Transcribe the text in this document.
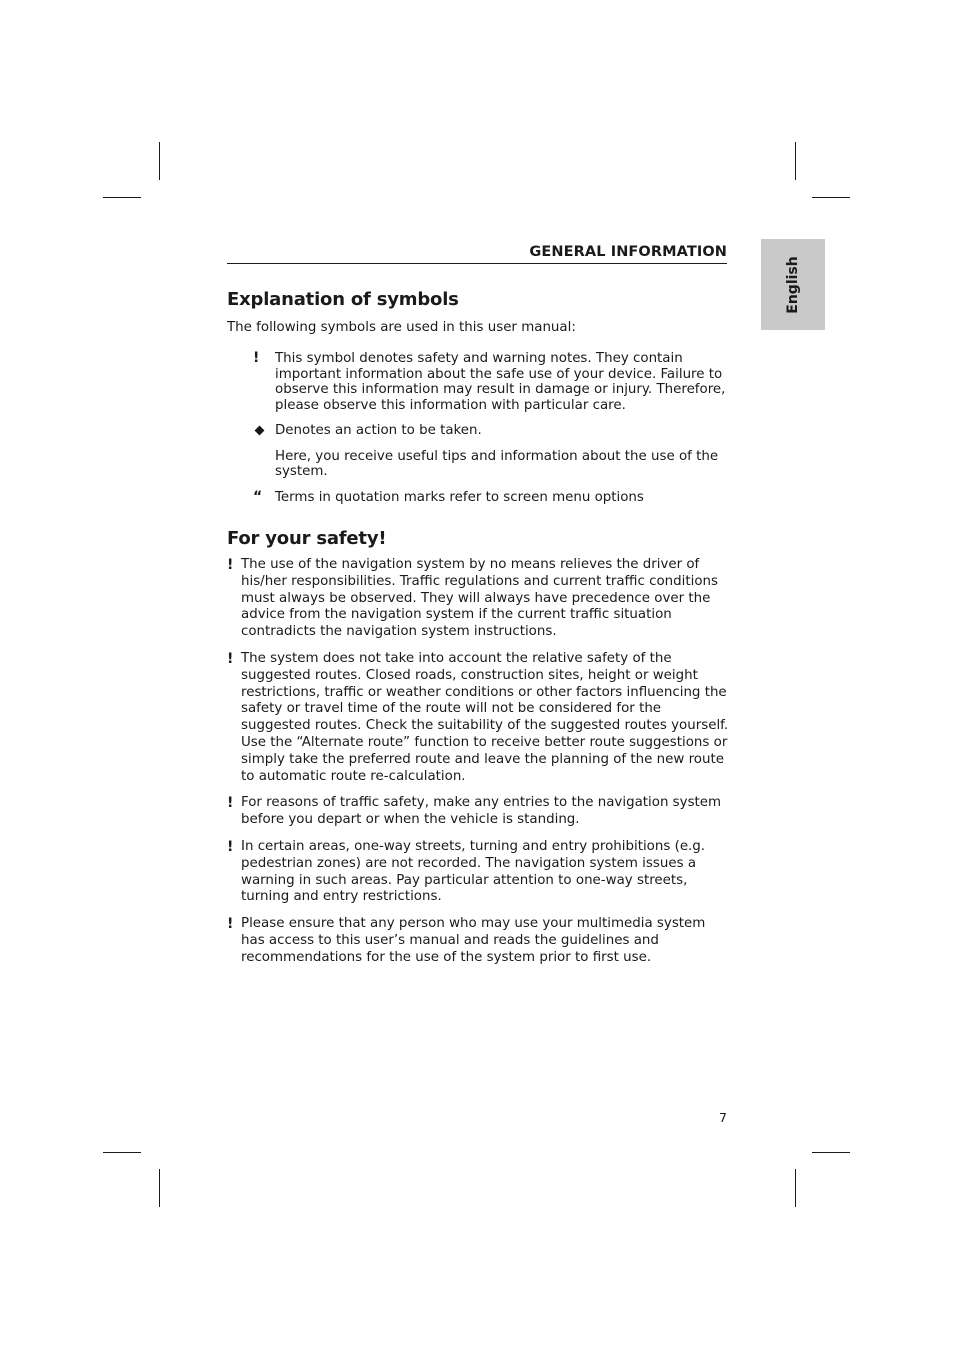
English
GENERAL INFORMATION
Explanation of symbols

The following symbols are used in this user manual:

! This symbol denotes safety and warning notes. They contain important information about the safe use of your device. Failure to observe this information may result in damage or injury. Therefore, please observe this information with particular care.
Denotes an action to be taken.
Here, you receive useful tips and information about the use of the system.
“ Terms in quotation marks refer to screen menu options
For your safety!
! The use of the navigation system by no means relieves the driver of his/her responsibilities. Traffic regulations and current traffic conditions must always be observed. They will always have precedence over the advice from the navigation system if the current traffic situation contradicts the navigation system instructions.
! The system does not take into account the relative safety of the suggested routes. Closed roads, construction sites, height or weight restrictions, traffic or weather conditions or other factors influencing the safety or travel time of the route will not be considered for the suggested routes. Check the suitability of the suggested routes yourself. Use the “Alternate route” function to receive better route suggestions or simply take the preferred route and leave the planning of the new route to automatic route re-calculation.
! For reasons of traffic safety, make any entries to the navigation system before you depart or when the vehicle is standing.
! In certain areas, one-way streets, turning and entry prohibitions (e.g. pedestrian zones) are not recorded. The navigation system issues a warning in such areas. Pay particular attention to one-way streets, turning and entry restrictions.
! Please ensure that any person who may use your multimedia system has access to this user’s manual and reads the guidelines and recommendations for the use of the system prior to first use.
7
